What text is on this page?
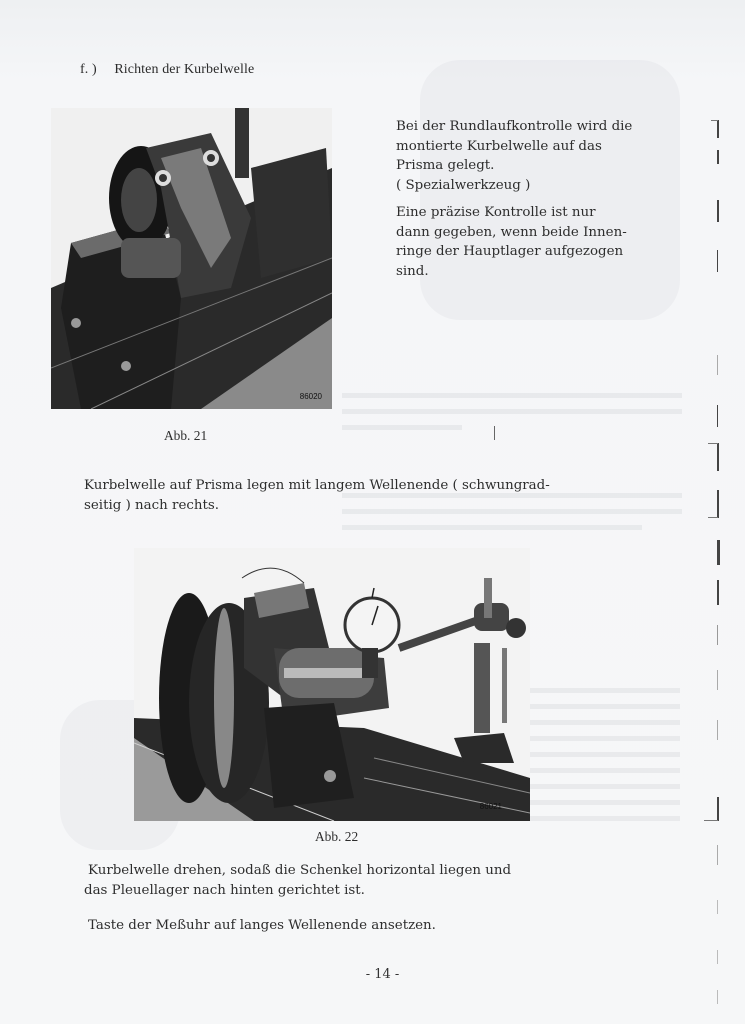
f. ) Richten der Kurbelwelle
86020
Bei der Rundlaufkontrolle wird die
montierte Kurbelwelle auf das
Prisma gelegt.
( Spezialwerkzeug )
Eine präzise Kontrolle ist nur
dann gegeben, wenn beide Innen-
ringe der Hauptlager aufgezogen
sind.
Abb. 21
Kurbelwelle auf Prisma legen mit langem Wellenende ( schwungrad-
seitig ) nach rechts.
86021
Abb. 22
Kurbelwelle drehen, sodaß die Schenkel horizontal liegen und
das Pleuellager nach hinten gerichtet ist.
Taste der Meßuhr auf langes Wellenende ansetzen.
- 14 -
